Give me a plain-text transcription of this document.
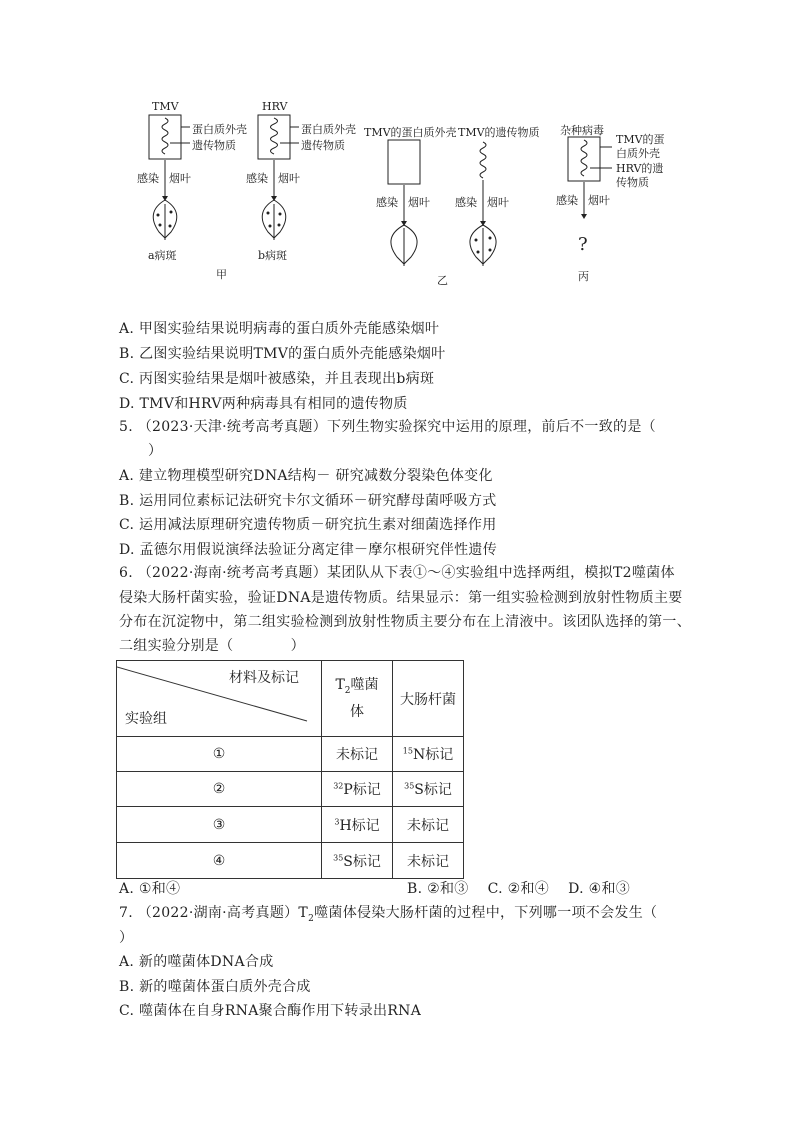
TMV	HRV
蛋白质外壳
遗传物质
蛋白质外壳
遗传物质
感染 烟叶	感染 烟叶
a病斑	b病斑
甲
TMV的蛋白质外壳 TMV的遗传物质
感染 烟叶 感染 烟叶
乙
杂种病毒
TMV的蛋
白质外壳
HRV的遗
传物质
感染 烟叶
?
丙
A. 甲图实验结果说明病毒的蛋白质外壳能感染烟叶
B. 乙图实验结果说明TMV的蛋白质外壳能感染烟叶
C. 丙图实验结果是烟叶被感染，并且表现出b病斑
D. TMV和HRV两种病毒具有相同的遗传物质
5. （2023·天津·统考高考真题）下列生物实验探究中运用的原理，前后不一致的是（
）
A. 建立物理模型研究DNA结构－ 研究减数分裂染色体变化
B. 运用同位素标记法研究卡尔文循环－研究酵母菌呼吸方式
C. 运用减法原理研究遗传物质－研究抗生素对细菌选择作用
D. 孟德尔用假说演绎法验证分离定律－摩尔根研究伴性遗传
6. （2022·海南·统考高考真题）某团队从下表①～④实验组中选择两组，模拟T2噬菌体
侵染大肠杆菌实验，验证DNA是遗传物质。结果显示：第一组实验检测到放射性物质主要
分布在沉淀物中，第二组实验检测到放射性物质主要分布在上清液中。该团队选择的第一、
二组实验分别是（　　　　）
材料及标记
实验组	$T_2$噬菌
体	大肠杆菌
①	未标记	$^{15}$N标记
②	$^{32}$P标记	$^{35}$S标记
③	$^3$H标记	未标记
④	$^{35}$S标记	未标记
A. ①和④	B. ②和③　 C. ②和④　 D. ④和③
7. （2022·湖南·高考真题）$T_2$噬菌体侵染大肠杆菌的过程中，下列哪一项不会发生（
）
A. 新的噬菌体DNA合成
B. 新的噬菌体蛋白质外壳合成
C. 噬菌体在自身RNA聚合酶作用下转录出RNA
